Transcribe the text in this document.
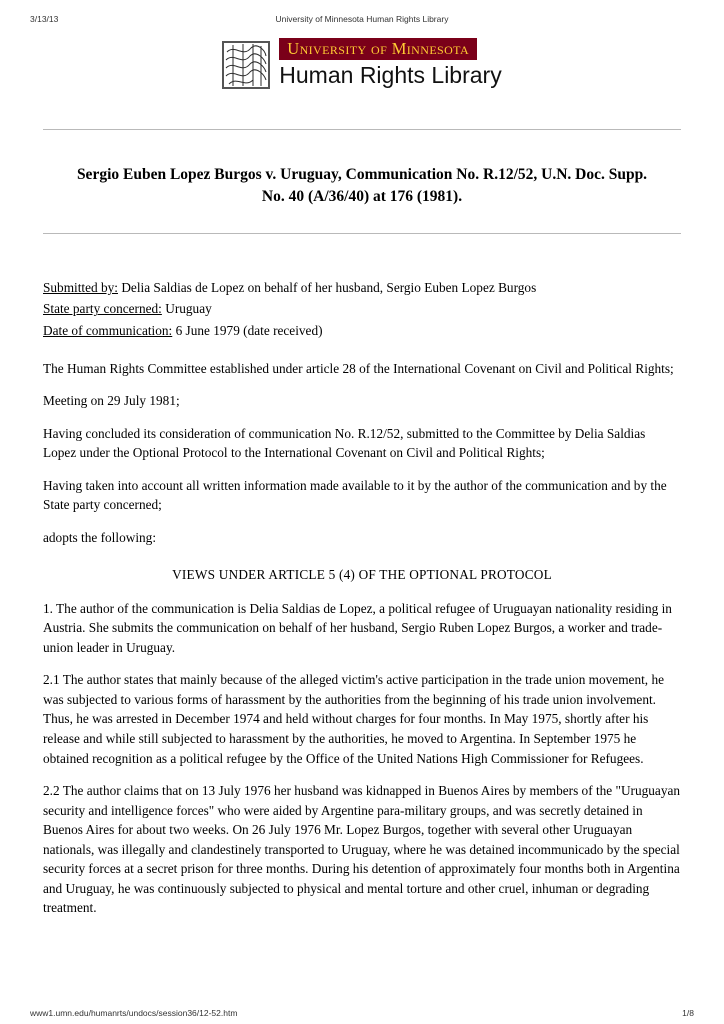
3/13/13	University of Minnesota Human Rights Library
University of Minnesota
Human Rights Library
Sergio Euben Lopez Burgos v. Uruguay, Communication No. R.12/52, U.N. Doc. Supp. No. 40 (A/36/40) at 176 (1981).
Submitted by: Delia Saldias de Lopez on behalf of her husband, Sergio Euben Lopez Burgos
State party concerned: Uruguay
Date of communication: 6 June 1979 (date received)

The Human Rights Committee established under article 28 of the International Covenant on Civil and Political Rights;

Meeting on 29 July 1981;

Having concluded its consideration of communication No. R.12/52, submitted to the Committee by Delia Saldias Lopez under the Optional Protocol to the International Covenant on Civil and Political Rights;

Having taken into account all written information made available to it by the author of the communication and by the State party concerned;

adopts the following:

VIEWS UNDER ARTICLE 5 (4) OF THE OPTIONAL PROTOCOL

1. The author of the communication is Delia Saldias de Lopez, a political refugee of Uruguayan nationality residing in Austria. She submits the communication on behalf of her husband, Sergio Ruben Lopez Burgos, a worker and trade-union leader in Uruguay.

2.1 The author states that mainly because of the alleged victim's active participation in the trade union movement, he was subjected to various forms of harassment by the authorities from the beginning of his trade union involvement. Thus, he was arrested in December 1974 and held without charges for four months. In May 1975, shortly after his release and while still subjected to harassment by the authorities, he moved to Argentina. In September 1975 he obtained recognition as a political refugee by the Office of the United Nations High Commissioner for Refugees.

2.2 The author claims that on 13 July 1976 her husband was kidnapped in Buenos Aires by members of the "Uruguayan security and intelligence forces" who were aided by Argentine para-military groups, and was secretly detained in Buenos Aires for about two weeks. On 26 July 1976 Mr. Lopez Burgos, together with several other Uruguayan nationals, was illegally and clandestinely transported to Uruguay, where he was detained incommunicado by the special security forces at a secret prison for three months. During his detention of approximately four months both in Argentina and Uruguay, he was continuously subjected to physical and mental torture and other cruel, inhuman or degrading treatment.

www1.umn.edu/humanrts/undocs/session36/12-52.htm	1/8
